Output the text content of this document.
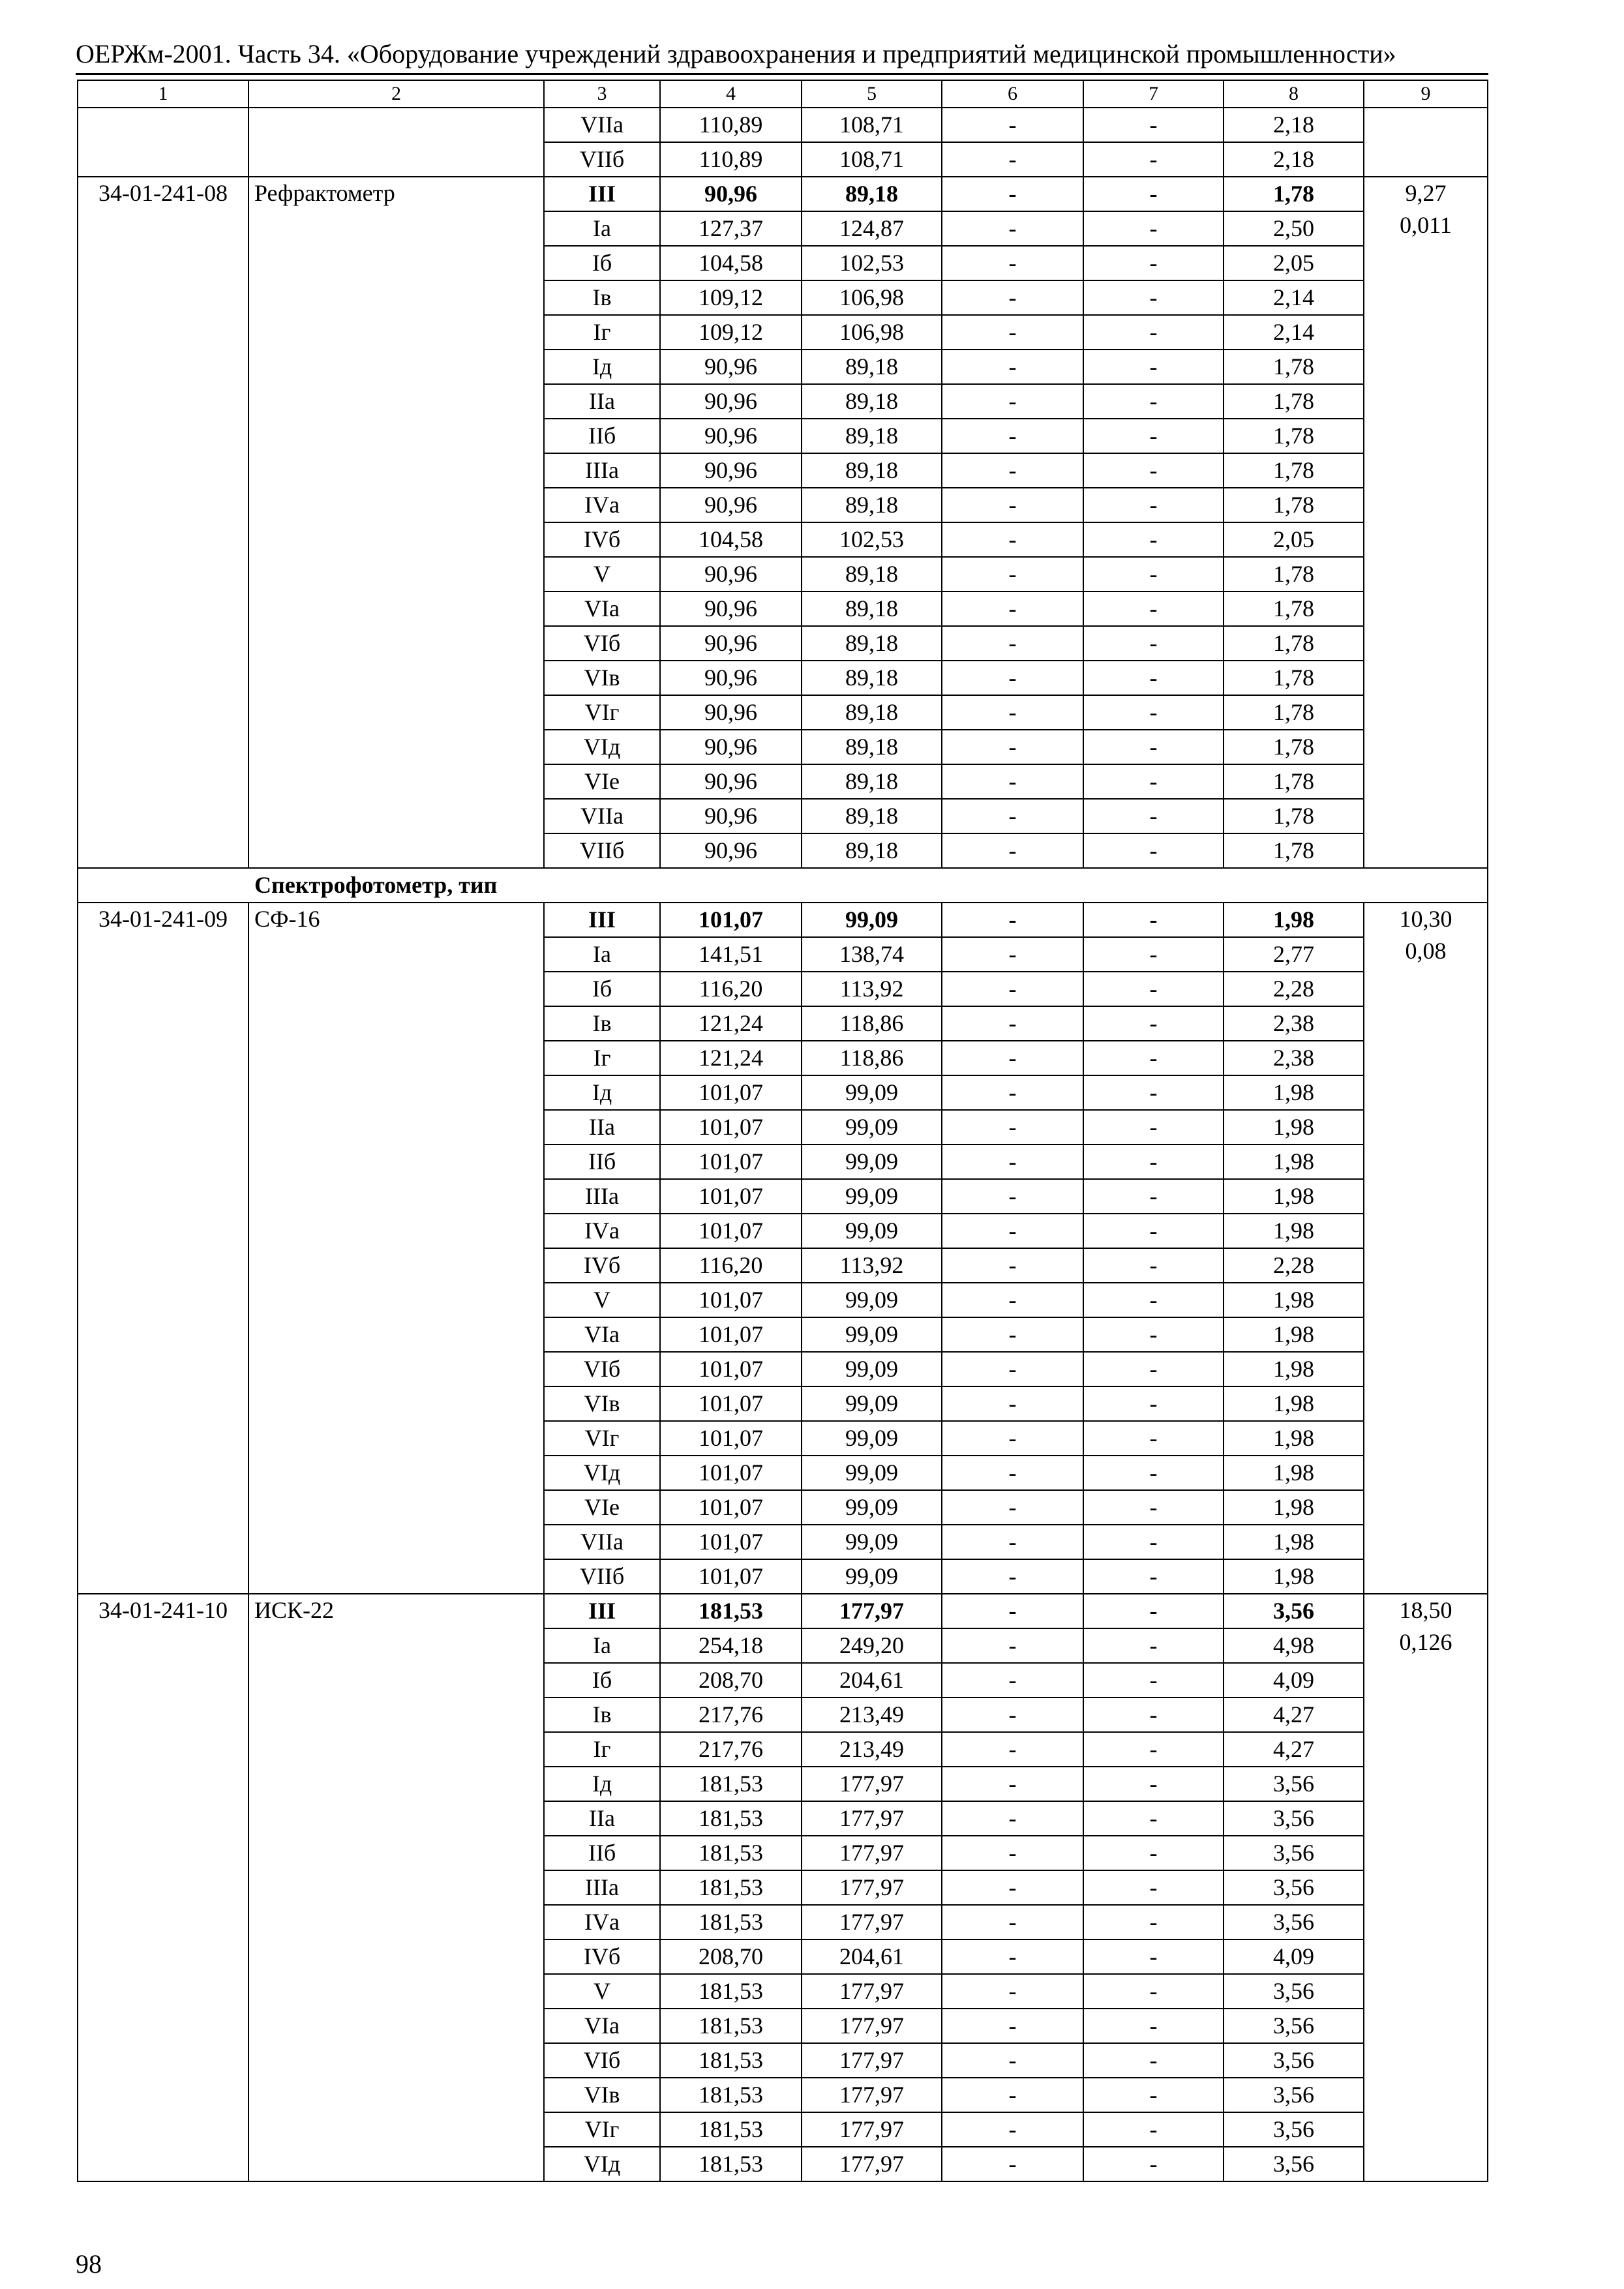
ОЕРЖм-2001. Часть 34. «Оборудование учреждений здравоохранения и предприятий медицинской промышленности»
1	2	3	4	5	6	7	8	9
		VIIа	110,89	108,71	-	-	2,18	
		VIIб	110,89	108,71	-	-	2,18	
34-01-241-08	Рефрактометр	III	90,96	89,18	-	-	1,78	9,27
0,011

		Iа	127,37	124,87	-	-	2,50	
		Iб	104,58	102,53	-	-	2,05	
		Iв	109,12	106,98	-	-	2,14	
		Iг	109,12	106,98	-	-	2,14	
		Iд	90,96	89,18	-	-	1,78	
		IIа	90,96	89,18	-	-	1,78	
		IIб	90,96	89,18	-	-	1,78	
		IIIа	90,96	89,18	-	-	1,78	
		IVа	90,96	89,18	-	-	1,78	
		IVб	104,58	102,53	-	-	2,05	
		V	90,96	89,18	-	-	1,78	
		VIа	90,96	89,18	-	-	1,78	
		VIб	90,96	89,18	-	-	1,78	
		VIв	90,96	89,18	-	-	1,78	
		VIг	90,96	89,18	-	-	1,78	
		VIд	90,96	89,18	-	-	1,78	
		VIе	90,96	89,18	-	-	1,78	
		VIIа	90,96	89,18	-	-	1,78	
		VIIб	90,96	89,18	-	-	1,78	
Спектрофотометр, тип								
34-01-241-09	СФ-16	III	101,07	99,09	-	-	1,98	10,30
0,08

		Iа	141,51	138,74	-	-	2,77	
		Iб	116,20	113,92	-	-	2,28	
		Iв	121,24	118,86	-	-	2,38	
		Iг	121,24	118,86	-	-	2,38	
		Iд	101,07	99,09	-	-	1,98	
		IIа	101,07	99,09	-	-	1,98	
		IIб	101,07	99,09	-	-	1,98	
		IIIа	101,07	99,09	-	-	1,98	
		IVа	101,07	99,09	-	-	1,98	
		IVб	116,20	113,92	-	-	2,28	
		V	101,07	99,09	-	-	1,98	
		VIа	101,07	99,09	-	-	1,98	
		VIб	101,07	99,09	-	-	1,98	
		VIв	101,07	99,09	-	-	1,98	
		VIг	101,07	99,09	-	-	1,98	
		VIд	101,07	99,09	-	-	1,98	
		VIе	101,07	99,09	-	-	1,98	
		VIIа	101,07	99,09	-	-	1,98	
		VIIб	101,07	99,09	-	-	1,98	
34-01-241-10	ИСК-22	III	181,53	177,97	-	-	3,56	18,50
0,126

		Iа	254,18	249,20	-	-	4,98	
		Iб	208,70	204,61	-	-	4,09	
		Iв	217,76	213,49	-	-	4,27	
		Iг	217,76	213,49	-	-	4,27	
		Iд	181,53	177,97	-	-	3,56	
		IIа	181,53	177,97	-	-	3,56	
		IIб	181,53	177,97	-	-	3,56	
		IIIа	181,53	177,97	-	-	3,56	
		IVа	181,53	177,97	-	-	3,56	
		IVб	208,70	204,61	-	-	4,09	
		V	181,53	177,97	-	-	3,56	
		VIа	181,53	177,97	-	-	3,56	
		VIб	181,53	177,97	-	-	3,56	
		VIв	181,53	177,97	-	-	3,56	
		VIг	181,53	177,97	-	-	3,56	
		VIд	181,53	177,97	-	-	3,56	
98
